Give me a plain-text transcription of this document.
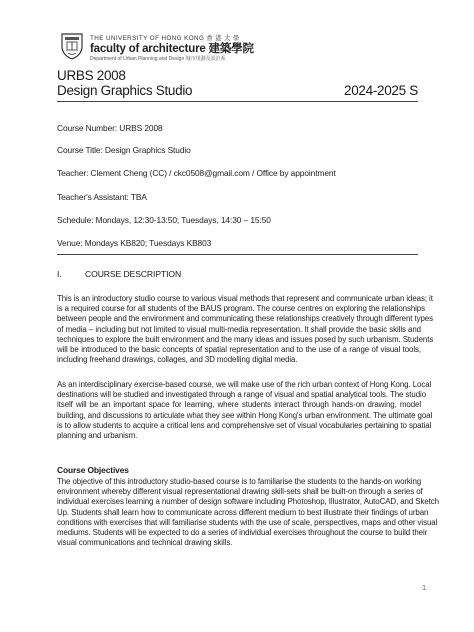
THE UNIVERSITY OF HONG KONG 香 港 大 學
faculty of architecture 建築學院
Department of Urban Planning and Design 城市規劃及設計系
URBS 2008
Design Graphics Studio	2024-2025 S
Course Number: URBS 2008
Course Title: Design Graphics Studio
Teacher: Clement Cheng (CC) / ckc0508@gmail.com / Office by appointment
Teacher's Assistant: TBA
Schedule: Mondays, 12:30-13:50; Tuesdays, 14:30 – 15:50
Venue: Mondays KB820; Tuesdays KB803
I.	COURSE DESCRIPTION
This is an introductory studio course to various visual methods that represent and communicate urban ideas; it
is a required course for all students of the BAUS program. The course centres on exploring the relationships
between people and the environment and communicating these relationships creatively through different types
of media – including but not limited to visual multi-media representation. It shall provide the basic skills and
techniques to explore the built environment and the many ideas and issues posed by such urbanism. Students
will be introduced to the basic concepts of spatial representation and to the use of a range of visual tools,
including freehand drawings, collages, and 3D modelling digital media.
As an interdisciplinary exercise-based course, we will make use of the rich urban context of Hong Kong. Local
destinations will be studied and investigated through a range of visual and spatial analytical tools. The studio
itself will be an important space for learning, where students interact through hands-on drawing, model
building, and discussions to articulate what they see within Hong Kong's urban environment. The ultimate goal
is to allow students to acquire a critical lens and comprehensive set of visual vocabularies pertaining to spatial
planning and urbanism.
Course Objectives
The objective of this introductory studio-based course is to familiarise the students to the hands-on working
environment whereby different visual representational drawing skill-sets shall be built-on through a series of
individual exercises learning a number of design software including Photoshop, Illustrator, AutoCAD, and Sketch
Up. Students shall learn how to communicate across different medium to best illustrate their findings of urban
conditions with exercises that will familiarise students with the use of scale, perspectives, maps and other visual
mediums. Students will be expected to do a series of individual exercises throughout the course to build their
visual communications and technical drawing skills.
1
